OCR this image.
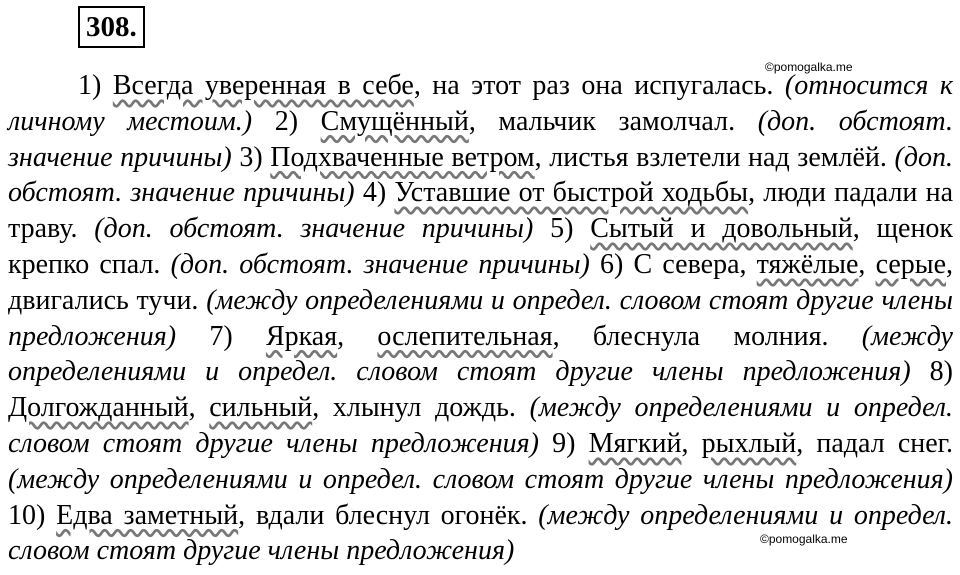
308.
©pomogalka.me

1) Всегда уверенная в себе, на этот раз она испугалась. (относится к личному местоим.) 2) Смущённый, мальчик замолчал. (доп. обстоят. значение причины) 3) Подхваченные ветром, листья взлетели над землёй. (доп. обстоят. значение причины) 4) Уставшие от быстрой ходьбы, люди падали на траву. (доп. обстоят. значение причины) 5) Сытый и довольный, щенок крепко спал. (доп. обстоят. значение причины) 6) С севера, тяжёлые, серые, двигались тучи. (между определениями и определ. словом стоят другие члены предложения) 7) Яркая, ослепительная, блеснула молния. (между определениями и определ. словом стоят другие члены предложения) 8) Долгожданный, сильный, хлынул дождь. (между определениями и определ. словом стоят другие члены предложения) 9) Мягкий, рыхлый, падал снег. (между определениями и определ. словом стоят другие члены предложения) 10) Едва заметный, вдали блеснул огонёк. (между определениями и определ. словом стоят другие члены предложения)	©pomogalka.me
